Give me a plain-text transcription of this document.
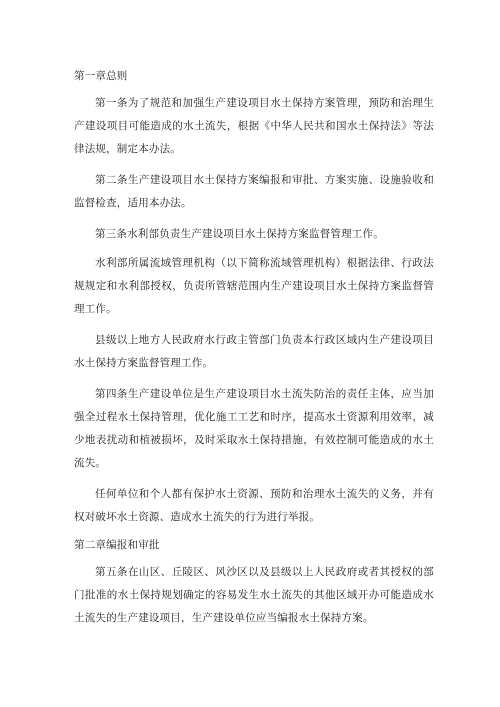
第一章总则

第一条为了规范和加强生产建设项目水土保持方案管理，预防和治理生产建设项目可能造成的水土流失，根据《中华人民共和国水土保持法》等法律法规，制定本办法。

第二条生产建设项目水土保持方案编报和审批、方案实施、设施验收和监督检查，适用本办法。

第三条水利部负责生产建设项目水土保持方案监督管理工作。

水利部所属流域管理机构（以下简称流域管理机构）根据法律、行政法规规定和水利部授权，负责所管辖范围内生产建设项目水土保持方案监督管理工作。

县级以上地方人民政府水行政主管部门负责本行政区域内生产建设项目水土保持方案监督管理工作。

第四条生产建设单位是生产建设项目水土流失防治的责任主体，应当加强全过程水土保持管理，优化施工工艺和时序，提高水土资源利用效率，减少地表扰动和植被损坏，及时采取水土保持措施，有效控制可能造成的水土流失。

任何单位和个人都有保护水土资源、预防和治理水土流失的义务，并有权对破坏水土资源、造成水土流失的行为进行举报。

第二章编报和审批

第五条在山区、丘陵区、风沙区以及县级以上人民政府或者其授权的部门批准的水土保持规划确定的容易发生水土流失的其他区域开办可能造成水土流失的生产建设项目，生产建设单位应当编报水土保持方案。
